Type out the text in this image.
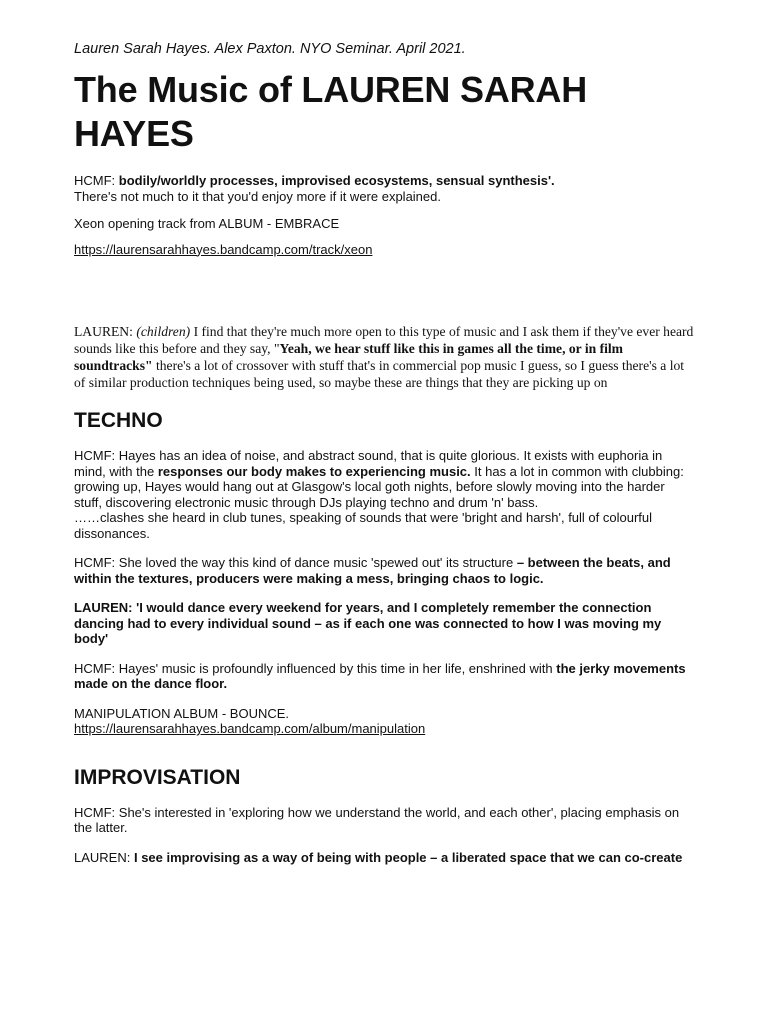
Lauren Sarah Hayes. Alex Paxton. NYO Seminar. April 2021.

The Music of LAUREN SARAH HAYES

HCMF: bodily/worldly processes, improvised ecosystems, sensual synthesis'.
There's not much to it that you'd enjoy more if it were explained.

Xeon opening track from ALBUM - EMBRACE

https://laurensarahhayes.bandcamp.com/track/xeon

LAUREN: (children) I find that they're much more open to this type of music and I ask them if they've ever heard sounds like this before and they say, "Yeah, we hear stuff like this in games all the time, or in film soundtracks" there's a lot of crossover with stuff that's in commercial pop music I guess, so I guess there's a lot of similar production techniques being used, so maybe these are things that they are picking up on

TECHNO

HCMF: Hayes has an idea of noise, and abstract sound, that is quite glorious. It exists with euphoria in mind, with the responses our body makes to experiencing music. It has a lot in common with clubbing: growing up, Hayes would hang out at Glasgow's local goth nights, before slowly moving into the harder stuff, discovering electronic music through DJs playing techno and drum 'n' bass.
……clashes she heard in club tunes, speaking of sounds that were 'bright and harsh', full of colourful dissonances.

HCMF: She loved the way this kind of dance music 'spewed out' its structure – between the beats, and within the textures, producers were making a mess, bringing chaos to logic.

LAUREN: 'I would dance every weekend for years, and I completely remember the connection dancing had to every individual sound – as if each one was connected to how I was moving my body'

HCMF: Hayes' music is profoundly influenced by this time in her life, enshrined with the jerky movements made on the dance floor.

MANIPULATION ALBUM - BOUNCE.

https://laurensarahhayes.bandcamp.com/album/manipulation

IMPROVISATION

HCMF: She's interested in 'exploring how we understand the world, and each other', placing emphasis on the latter.

LAUREN: I see improvising as a way of being with people – a liberated space that we can co-create
